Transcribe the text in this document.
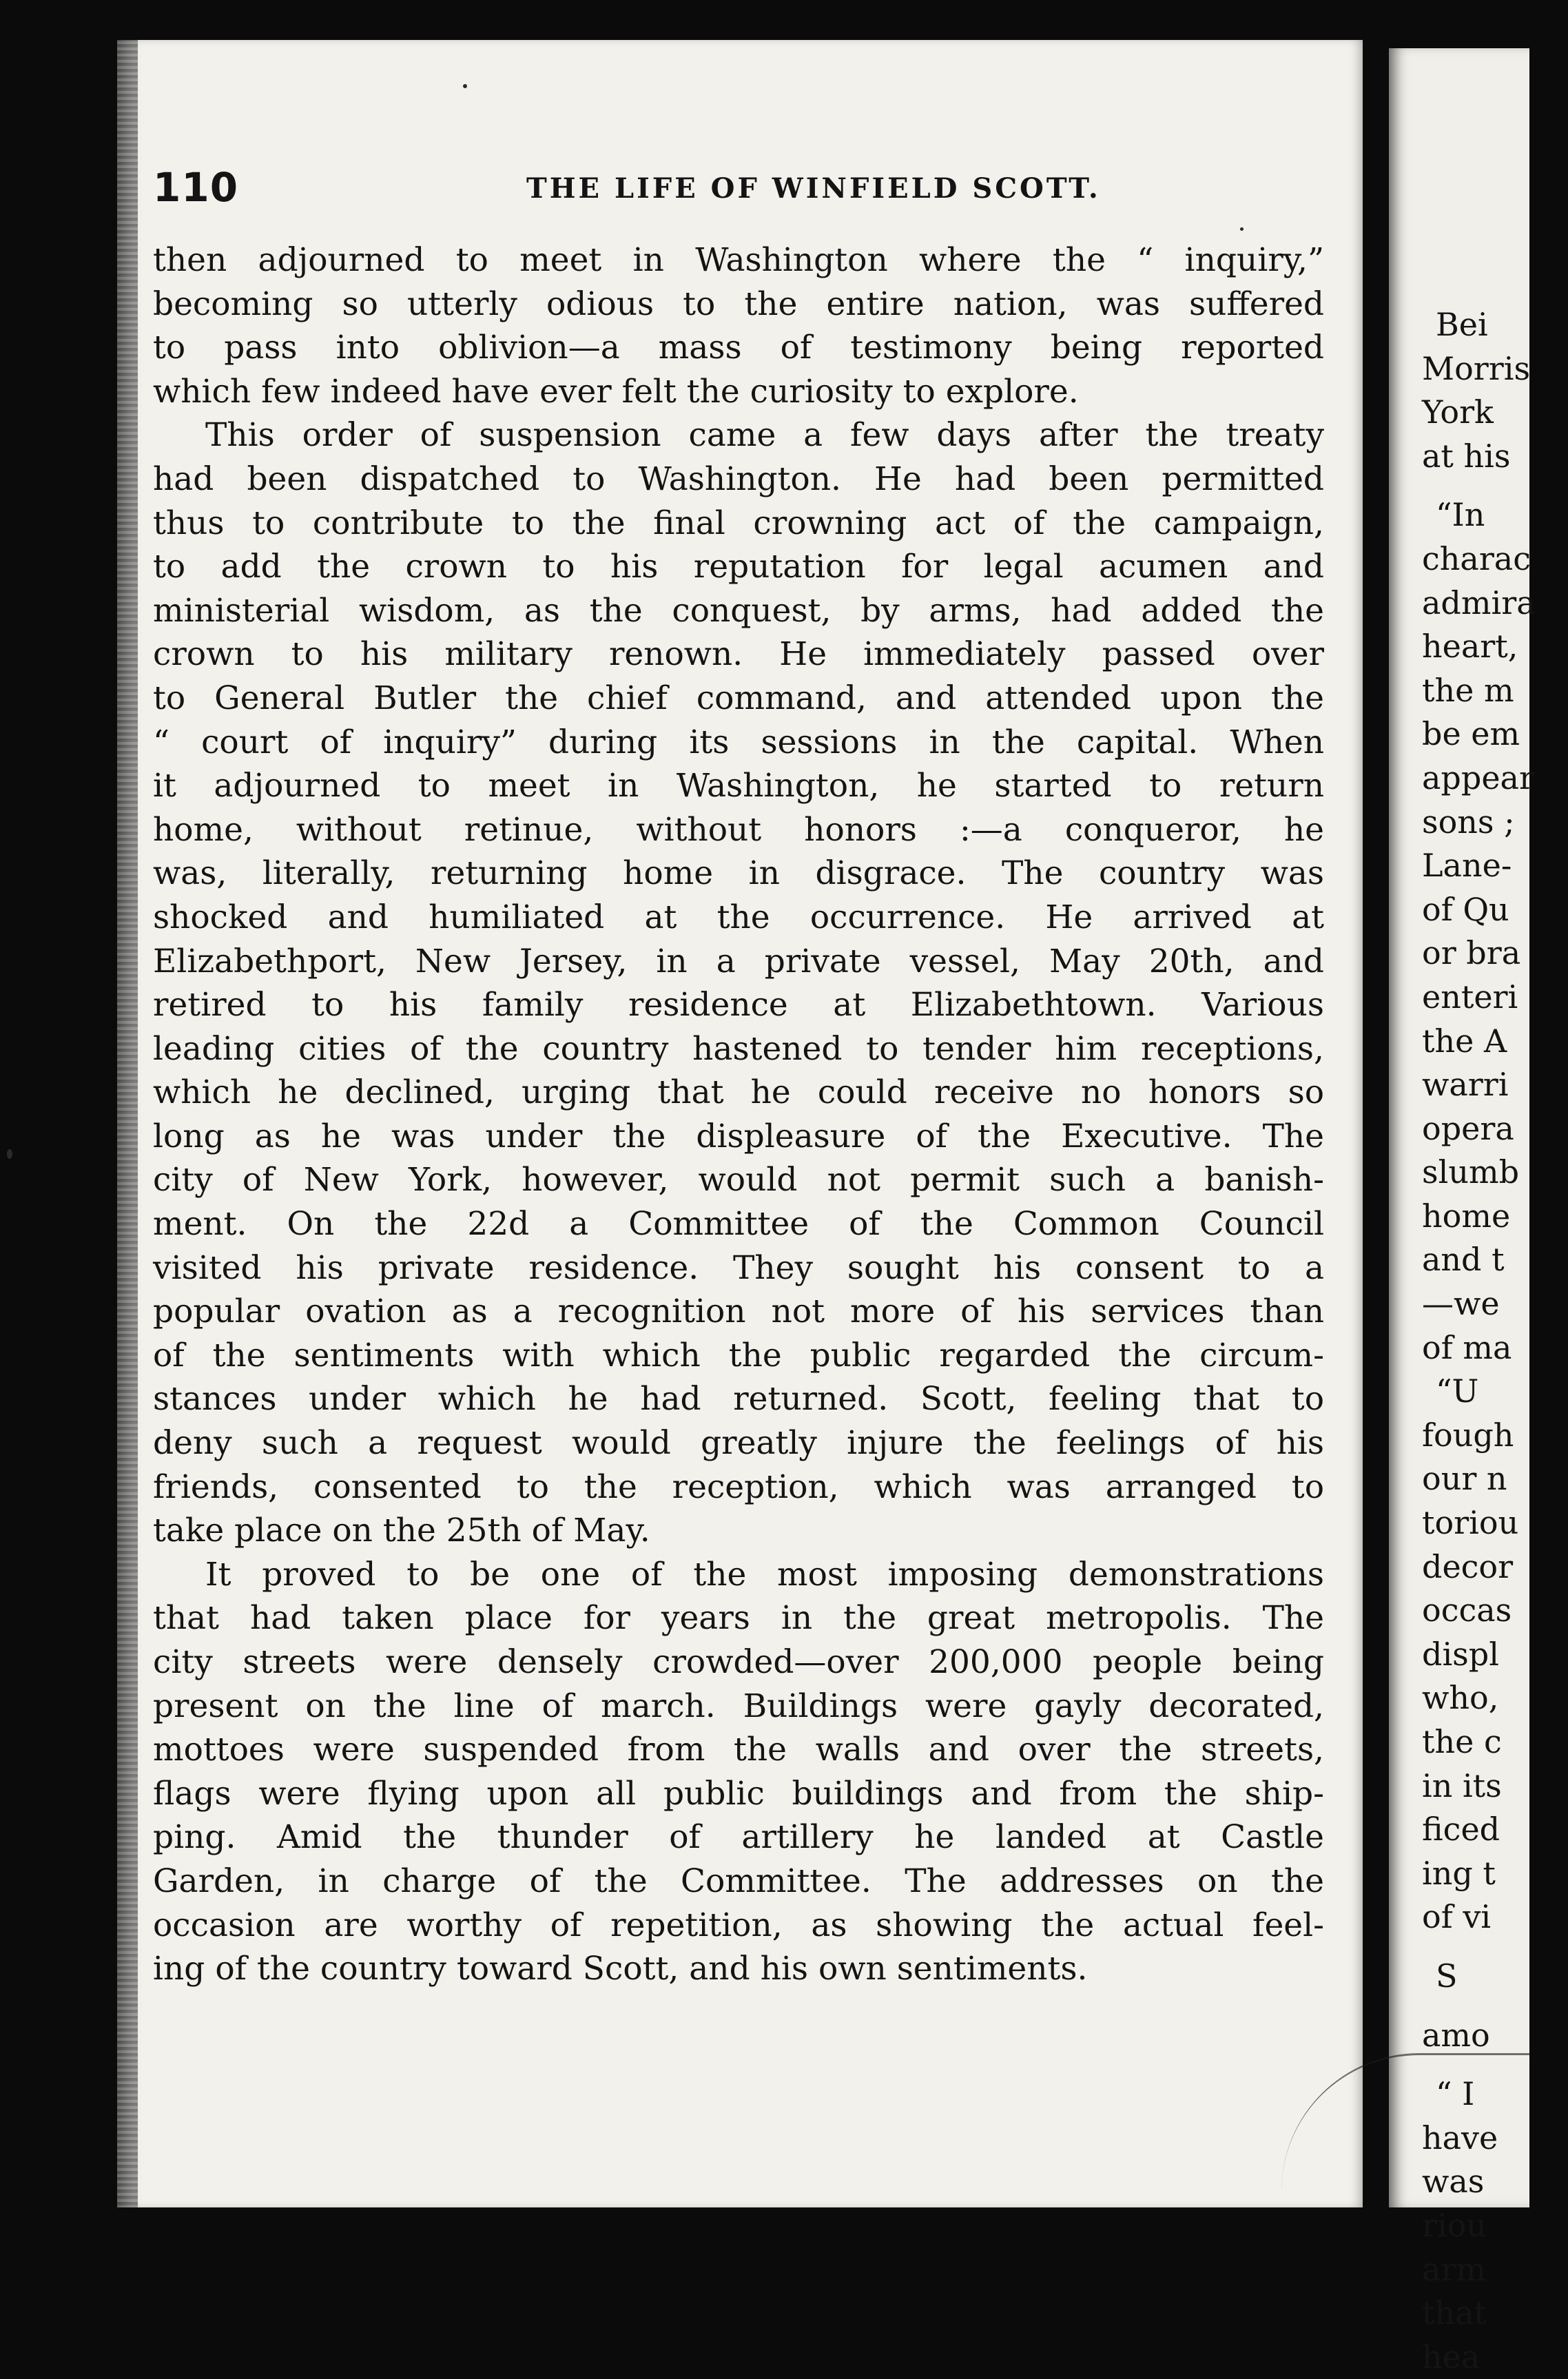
Bei
Morris
York
at his
“In
charac
admira
heart,
the m
be em
appear
sons ;
Lane-
of Qu
or bra
enteri
the A
warri
opera
slumb
home
and t
—we
of ma
“U
fough
our n
toriou
decor
occas
displ
who,
the c
in its
ficed
ing t
of vi
S
amo
“ I
have
was
riou
arm
that
hea
110	THE LIFE OF WINFIELD SCOTT.
then adjourned to meet in Washington where the “ inquiry,”
becoming so utterly odious to the entire nation, was suffered
to pass into oblivion—a mass of testimony being reported
which few indeed have ever felt the curiosity to explore.
This order of suspension came a few days after the treaty
had been dispatched to Washington. He had been permitted
thus to contribute to the final crowning act of the campaign,
to add the crown to his reputation for legal acumen and
ministerial wisdom, as the conquest, by arms, had added the
crown to his military renown. He immediately passed over
to General Butler the chief command, and attended upon the
“ court of inquiry” during its sessions in the capital. When
it adjourned to meet in Washington, he started to return
home, without retinue, without honors :—a conqueror, he
was, literally, returning home in disgrace. The country was
shocked and humiliated at the occurrence. He arrived at
Elizabethport, New Jersey, in a private vessel, May 20th, and
retired to his family residence at Elizabethtown. Various
leading cities of the country hastened to tender him receptions,
which he declined, urging that he could receive no honors so
long as he was under the displeasure of the Executive. The
city of New York, however, would not permit such a banish-
ment. On the 22d a Committee of the Common Council
visited his private residence. They sought his consent to a
popular ovation as a recognition not more of his services than
of the sentiments with which the public regarded the circum-
stances under which he had returned. Scott, feeling that to
deny such a request would greatly injure the feelings of his
friends, consented to the reception, which was arranged to
take place on the 25th of May.
It proved to be one of the most imposing demonstrations
that had taken place for years in the great metropolis. The
city streets were densely crowded—over 200,000 people being
present on the line of march. Buildings were gayly decorated,
mottoes were suspended from the walls and over the streets,
flags were flying upon all public buildings and from the ship-
ping. Amid the thunder of artillery he landed at Castle
Garden, in charge of the Committee. The addresses on the
occasion are worthy of repetition, as showing the actual feel-
ing of the country toward Scott, and his own sentiments.
